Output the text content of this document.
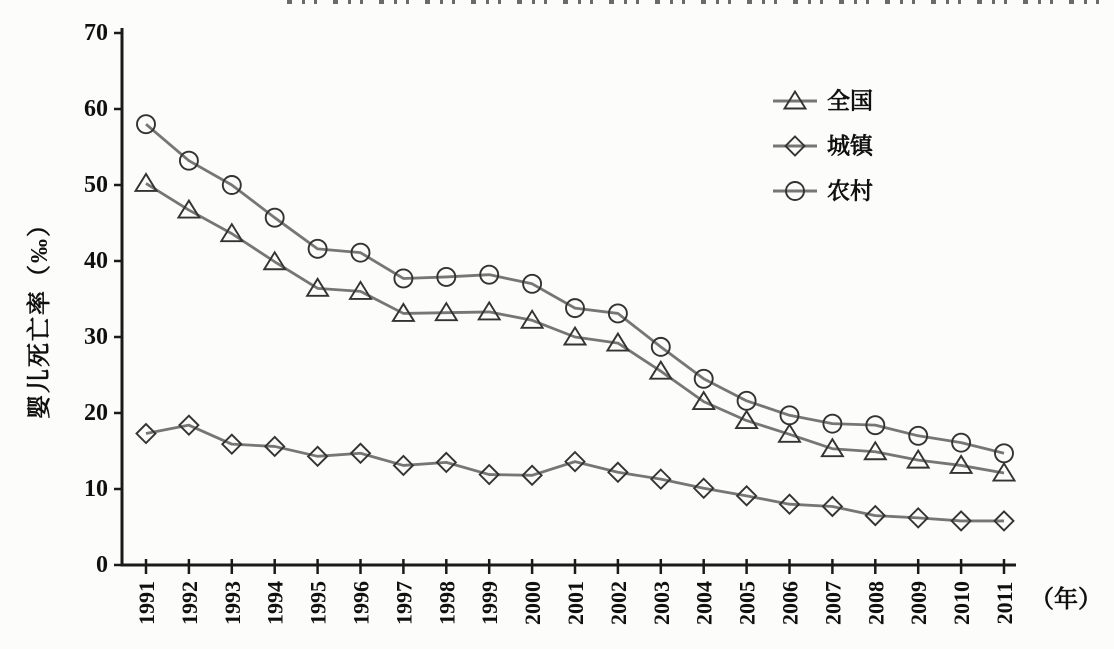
0
10
20
30
40
50
60
70
1991 1992 1993 1994 1995 1996 1997 1998 1999 2000 2001 2002 2003 2004 2005 2006 2007 2008 2009 2010 2011
婴儿死亡率（‰）
（年）
全国
城镇
农村
